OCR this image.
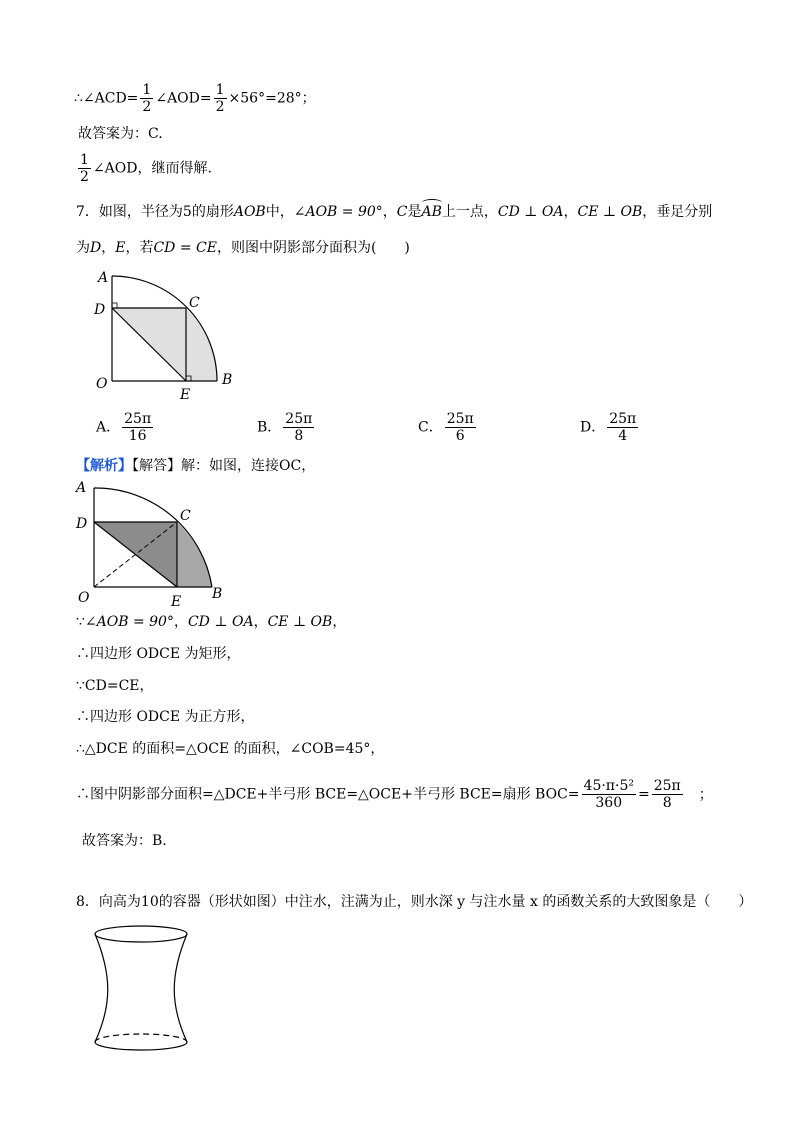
∴∠ACD= $\frac{1}{2}$ ∠AOD= $\frac{1}{2} \times 56^\circ=28^\circ$；
故答案为：C.
$\frac{1}{2}$ ∠AOD，继而得解.
7．如图，半径为5的扇形AOB中，∠AOB = 90°，C是AB上一点，CD ⊥ OA，CE ⊥ OB，垂足分别
为D，E，若CD = CE，则图中阴影部分面积为(　　)
A
D	C
O
E
B
A． $\frac{25\pi}{16}$	B． $\frac{25\pi}{8}$	C． $\frac{25\pi}{6}$	D． $\frac{25\pi}{4}$
【解析】【解答】解：如图，连接OC，
A
D	C
O	E B
∵∠AOB = 90°，CD ⊥ OA，CE ⊥ OB，
∴四边形 ODCE 为矩形，
∵CD=CE，
∴四边形 ODCE 为正方形，
∴△DCE 的面积=△OCE 的面积，∠COB=45°，
∴图中阴影部分面积=△DCE+半弓形 BCE=△OCE+半弓形 BCE=扇形 $BOC= \frac{\text{45·π·5²}}{360} = \frac{25\pi}{8}$ ；
故答案为：B.
8．向高为10的容器（形状如图）中注水，注满为止，则水深 y 与注水量 x 的函数关系的大致图象是（　　）
